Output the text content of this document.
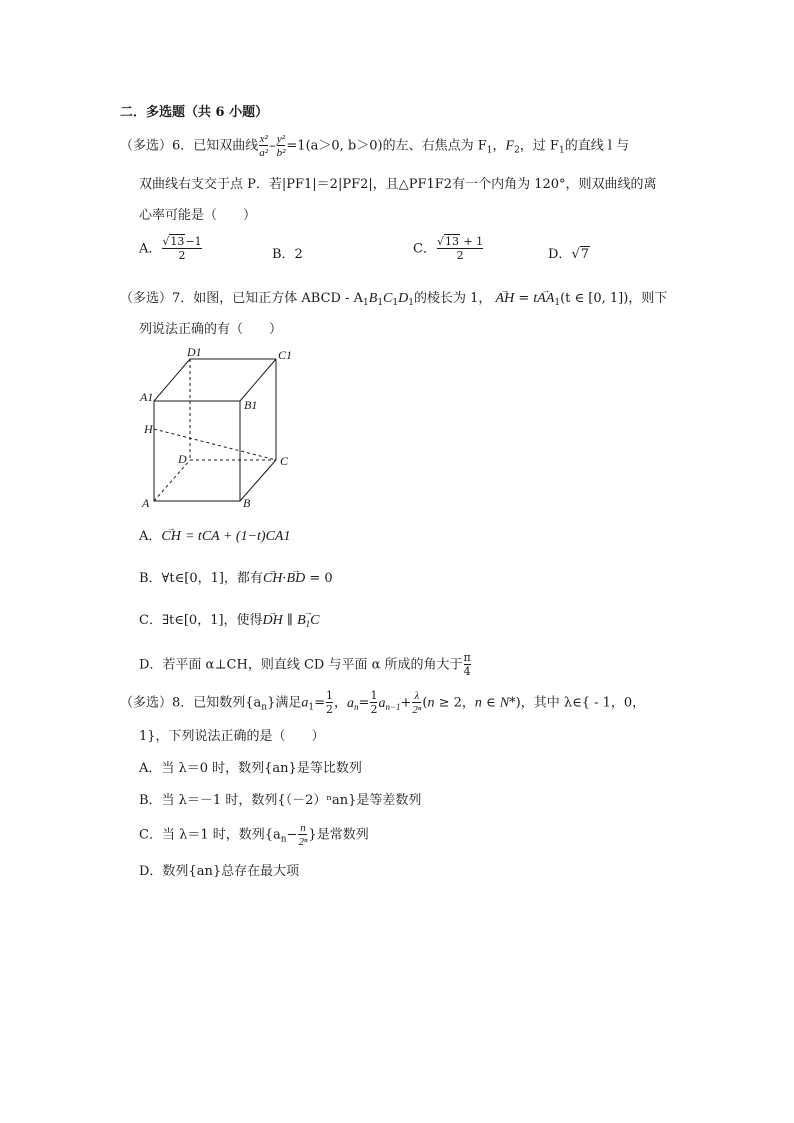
二．多选题（共 6 小题）
（多选）6．已知双曲线 $\frac{\text{x²}}{\text{a²}} - \frac{\text{y²}}{\text{b²}} =1(a>0$, b＞0)的左、右焦点为 $F_1$，$F_2$，过 $F_1$的直线 l 与
双曲线右支交于点 P．若|PF1|＝2|PF2|，且△PF1F2有一个内角为 120°，则双曲线的离
心率可能是（　　）
A． $\frac{√13-1}{2}$	B．2	C． $\frac{√13 + 1}{2}$	D．√7
（多选）7．如图，已知正方体 ABCD - $A_1B_1C_1D_1$的棱长为 1， → AH = $t\to AA_1(t$ ∈ [0, 1])，则下
列说法正确的有（　　）
D1	C1
A1
B1
H
D	C
A	B
A．→ CH = tCA + (1−t)CA1
B．∀t∈[0，1]，都有→ CH·→ BD = 0
C．∃t∈[0，1]，使得→ DH ∥ → $B_1C$
D．若平面 α⊥CH，则直线 CD 与平面 α 所成的角大于 $\frac{\pi}{4}$
（多选）8．已知数列$\{a_n\}$满足$a_1= \frac{1}{2}$ ，$a_n= \frac{1}{2} a_{n-1}+ \frac{\lambda}{\text{2ⁿ}} (n \ge 2$，n ∈ N*)，其中 λ∈{ - 1，0，
1}，下列说法正确的是（　　）
A．当 λ＝0 时，数列{an}是等比数列
B．当 λ＝－1 时，数列{（－2）ⁿan}是等差数列
C．当 λ＝1 时，数列{$a_n- \frac{n}{\text{2ⁿ}}$ }是常数列
D．数列{an}总存在最大项
